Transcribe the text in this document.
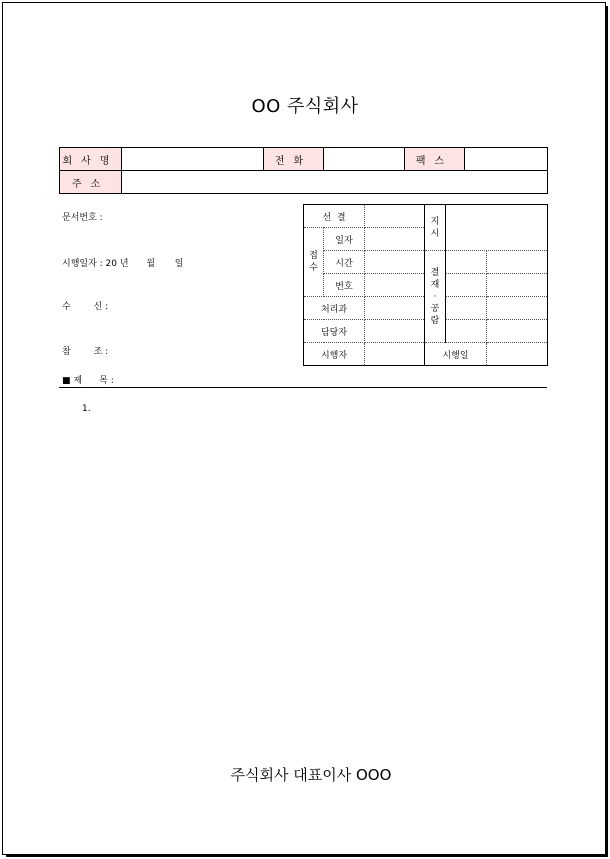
OO 주식회사
회사명		전화		팩스	
주소					
문서번호 :
시행일자 : 20 년 월 일
수        신 :
참        조 :
선  결			지시		
접수	일자				
	시간		결재·공람		
	번호				
처리과					
담당자					
시행자			시행일		
■ 제      목 :
1.
주식회사 대표이사 OOO
